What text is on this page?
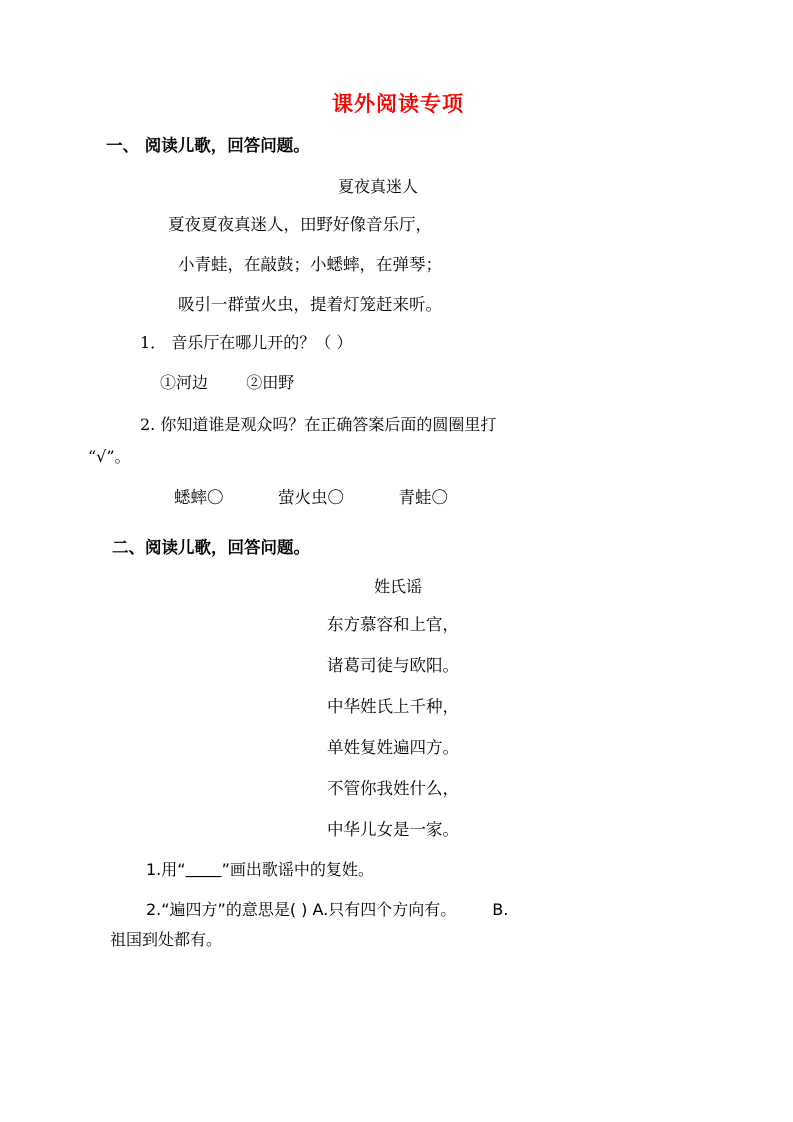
课外阅读专项
一、 阅读儿歌，回答问题。
夏夜真迷人
夏夜夏夜真迷人，田野好像音乐厅，
小青蛙，在敲鼓；小蟋蟀，在弹琴；
吸引一群萤火虫，提着灯笼赶来听。
1． 音乐厅在哪儿开的？（ ）
①河边 ②田野
2. 你知道谁是观众吗？在正确答案后面的圆圈里打
“√”。
蟋蟀〇	萤火虫〇	青蛙〇
二、阅读儿歌，回答问题。
姓氏谣
东方慕容和上官，
诸葛司徒与欧阳。
中华姓氏上千种，
单姓复姓遍四方。
不管你我姓什么，
中华儿女是一家。
1.用“＿＿”画出歌谣中的复姓。
2.“遍四方”的意思是( ) A.只有四个方向有。 B.
祖国到处都有。
